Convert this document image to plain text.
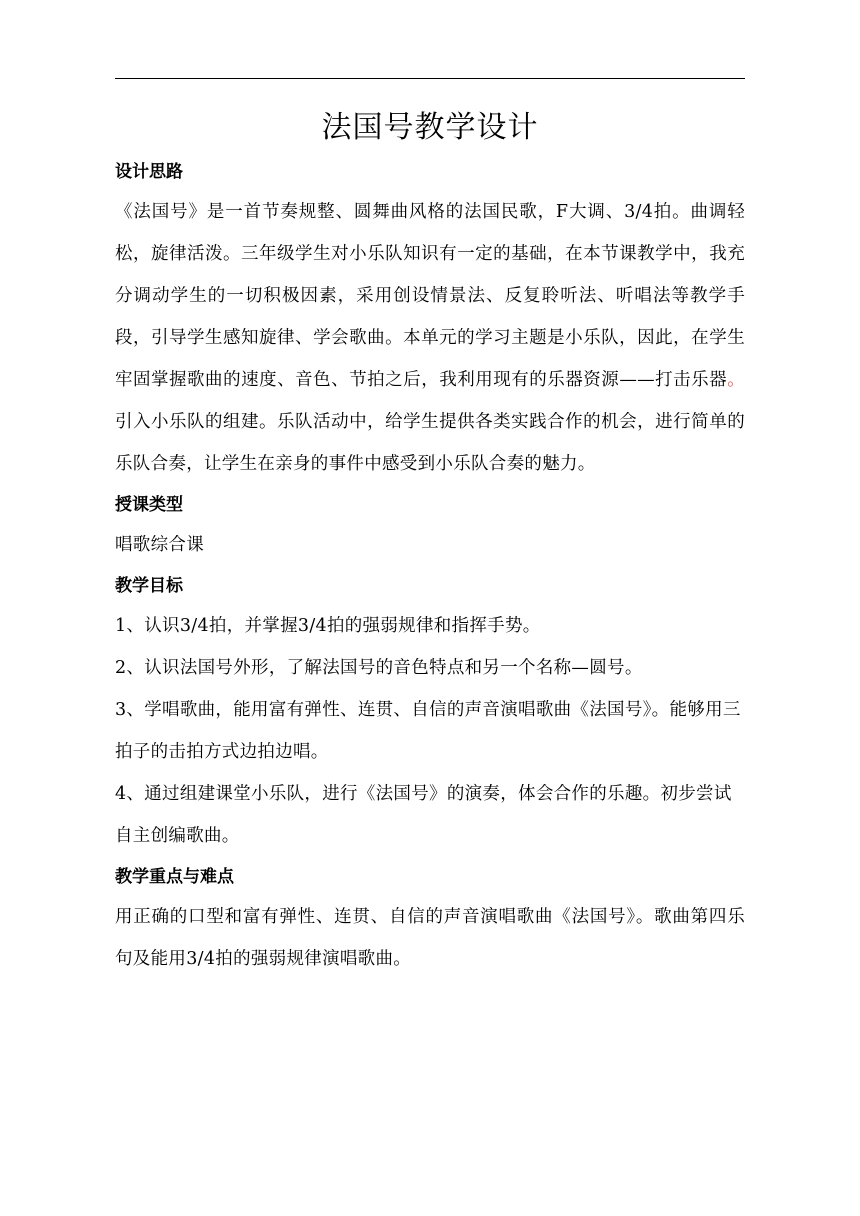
法国号教学设计
设计思路

《法国号》是一首节奏规整、圆舞曲风格的法国民歌，F大调、3/4拍。曲调轻松，旋律活泼。三年级学生对小乐队知识有一定的基础，在本节课教学中，我充分调动学生的一切积极因素，采用创设情景法、反复聆听法、听唱法等教学手段，引导学生感知旋律、学会歌曲。本单元的学习主题是小乐队，因此，在学生牢固掌握歌曲的速度、音色、节拍之后，我利用现有的乐器资源——打击乐器。引入小乐队的组建。乐队活动中，给学生提供各类实践合作的机会，进行简单的乐队合奏，让学生在亲身的事件中感受到小乐队合奏的魅力。

授课类型

唱歌综合课

教学目标

1、认识3/4拍，并掌握3/4拍的强弱规律和指挥手势。

2、认识法国号外形，了解法国号的音色特点和另一个名称—圆号。

3、学唱歌曲，能用富有弹性、连贯、自信的声音演唱歌曲《法国号》。能够用三拍子的击拍方式边拍边唱。

4、通过组建课堂小乐队，进行《法国号》的演奏，体会合作的乐趣。初步尝试自主创编歌曲。

教学重点与难点

用正确的口型和富有弹性、连贯、自信的声音演唱歌曲《法国号》。歌曲第四乐句及能用3/4拍的强弱规律演唱歌曲。
